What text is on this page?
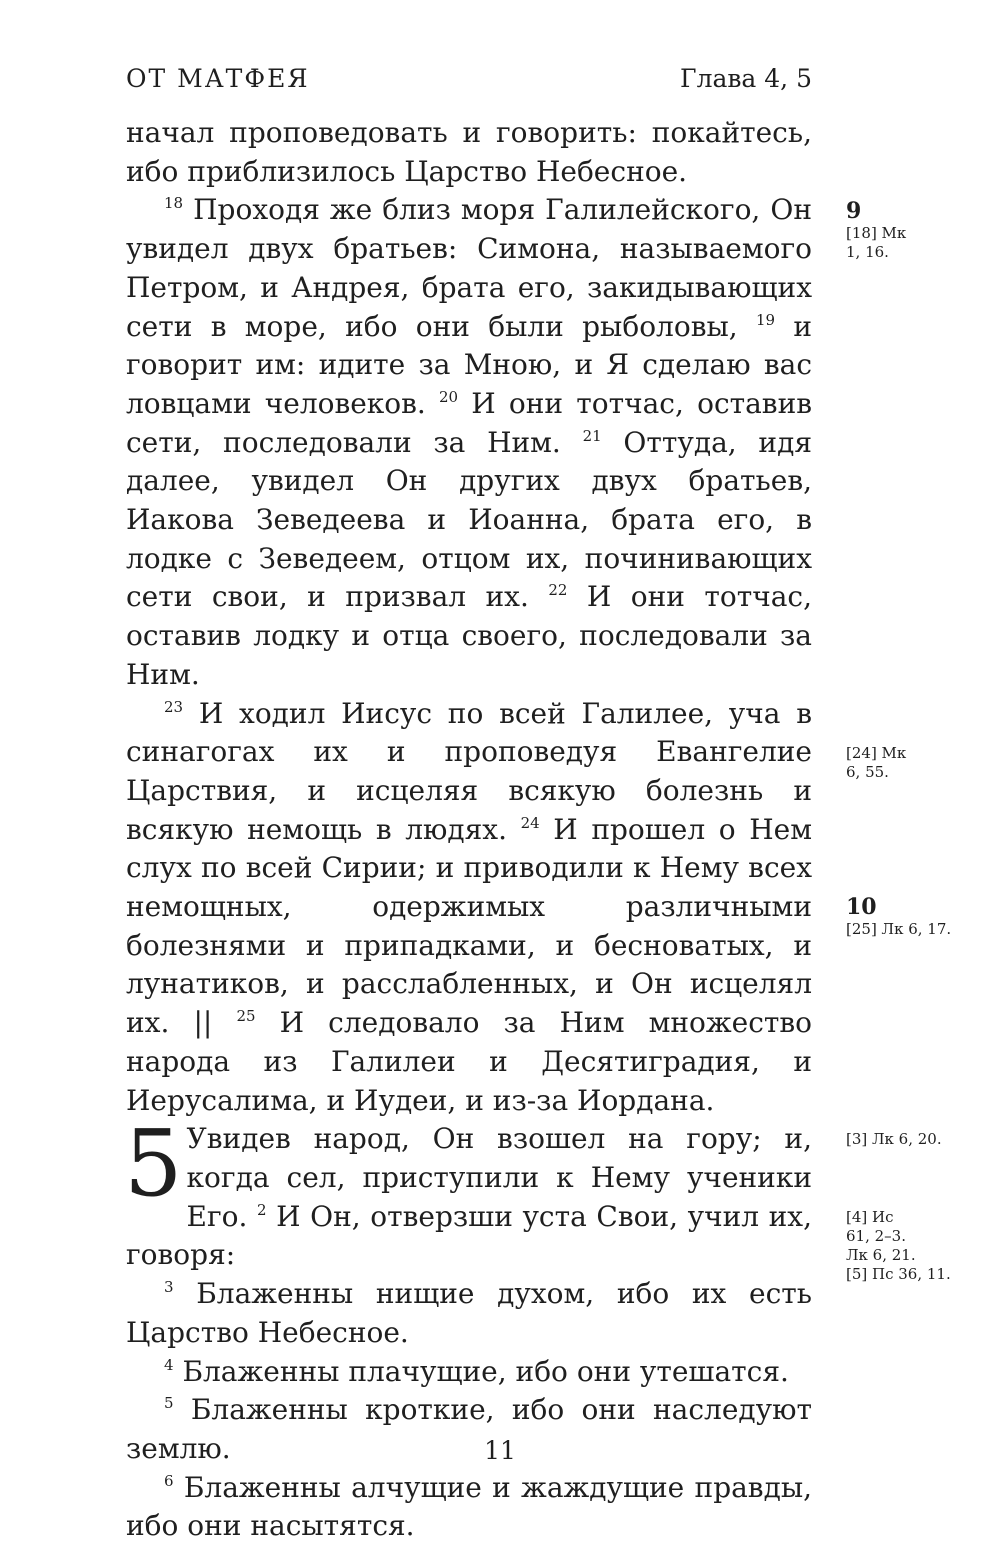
ОТ МАТФЕЯ	Глава 4, 5

начал проповедовать и говорить: покайтесь, ибо приблизилось Царство Небесное.

$^{18}$ Проходя же близ моря Галилейского, Он увидел двух братьев: Симона, называемого Петром, и Андрея, брата его, закидывающих сети в море, ибо они были рыболовы, $^{19}$ и говорит им: идите за Мною, и Я сделаю вас ловцами человеков. $^{20}$ И они тотчас, оставив сети, последовали за Ним. $^{21}$ Оттуда, идя далее, увидел Он других двух братьев, Иакова Зеведеева и Иоанна, брата его, в лодке с Зеведеем, отцом их, починивающих сети свои, и призвал их. $^{22}$ И они тотчас, оставив лодку и отца своего, последовали за Ним.

$^{23}$ И ходил Иисус по всей Галилее, уча в синагогах их и проповедуя Евангелие Царствия, и исцеляя всякую болезнь и всякую немощь в людях. $^{24}$ И прошел о Нем слух по всей Сирии; и приводили к Нему всех немощных, одержимых различными болезнями и припадками, и бесноватых, и лунатиков, и расслабленных, и Он исцелял их. || $^{25}$ И следовало за Ним множество народа из Галилеи и Десятиградия, и Иерусалима, и Иудеи, и из-за Иордана.

5 Увидев народ, Он взошел на гору; и, когда сел, приступили к Нему ученики Его. $^2$ И Он, отверзши уста Свои, учил их, говоря:

$^3$ Блаженны нищие духом, ибо их есть Царство Небесное.

$^4$ Блаженны плачущие, ибо они утешатся.

$^5$ Блаженны кроткие, ибо они наследуют землю.

$^6$ Блаженны алчущие и жаждущие правды, ибо они насытятся.

9
[18] Мк
1, 16.
[24] Мк
6, 55.
10
[25] Лк 6, 17.
[3] Лк 6, 20.
[4] Ис
61, 2–3.
Лк 6, 21.
[5] Пс 36, 11.
11
